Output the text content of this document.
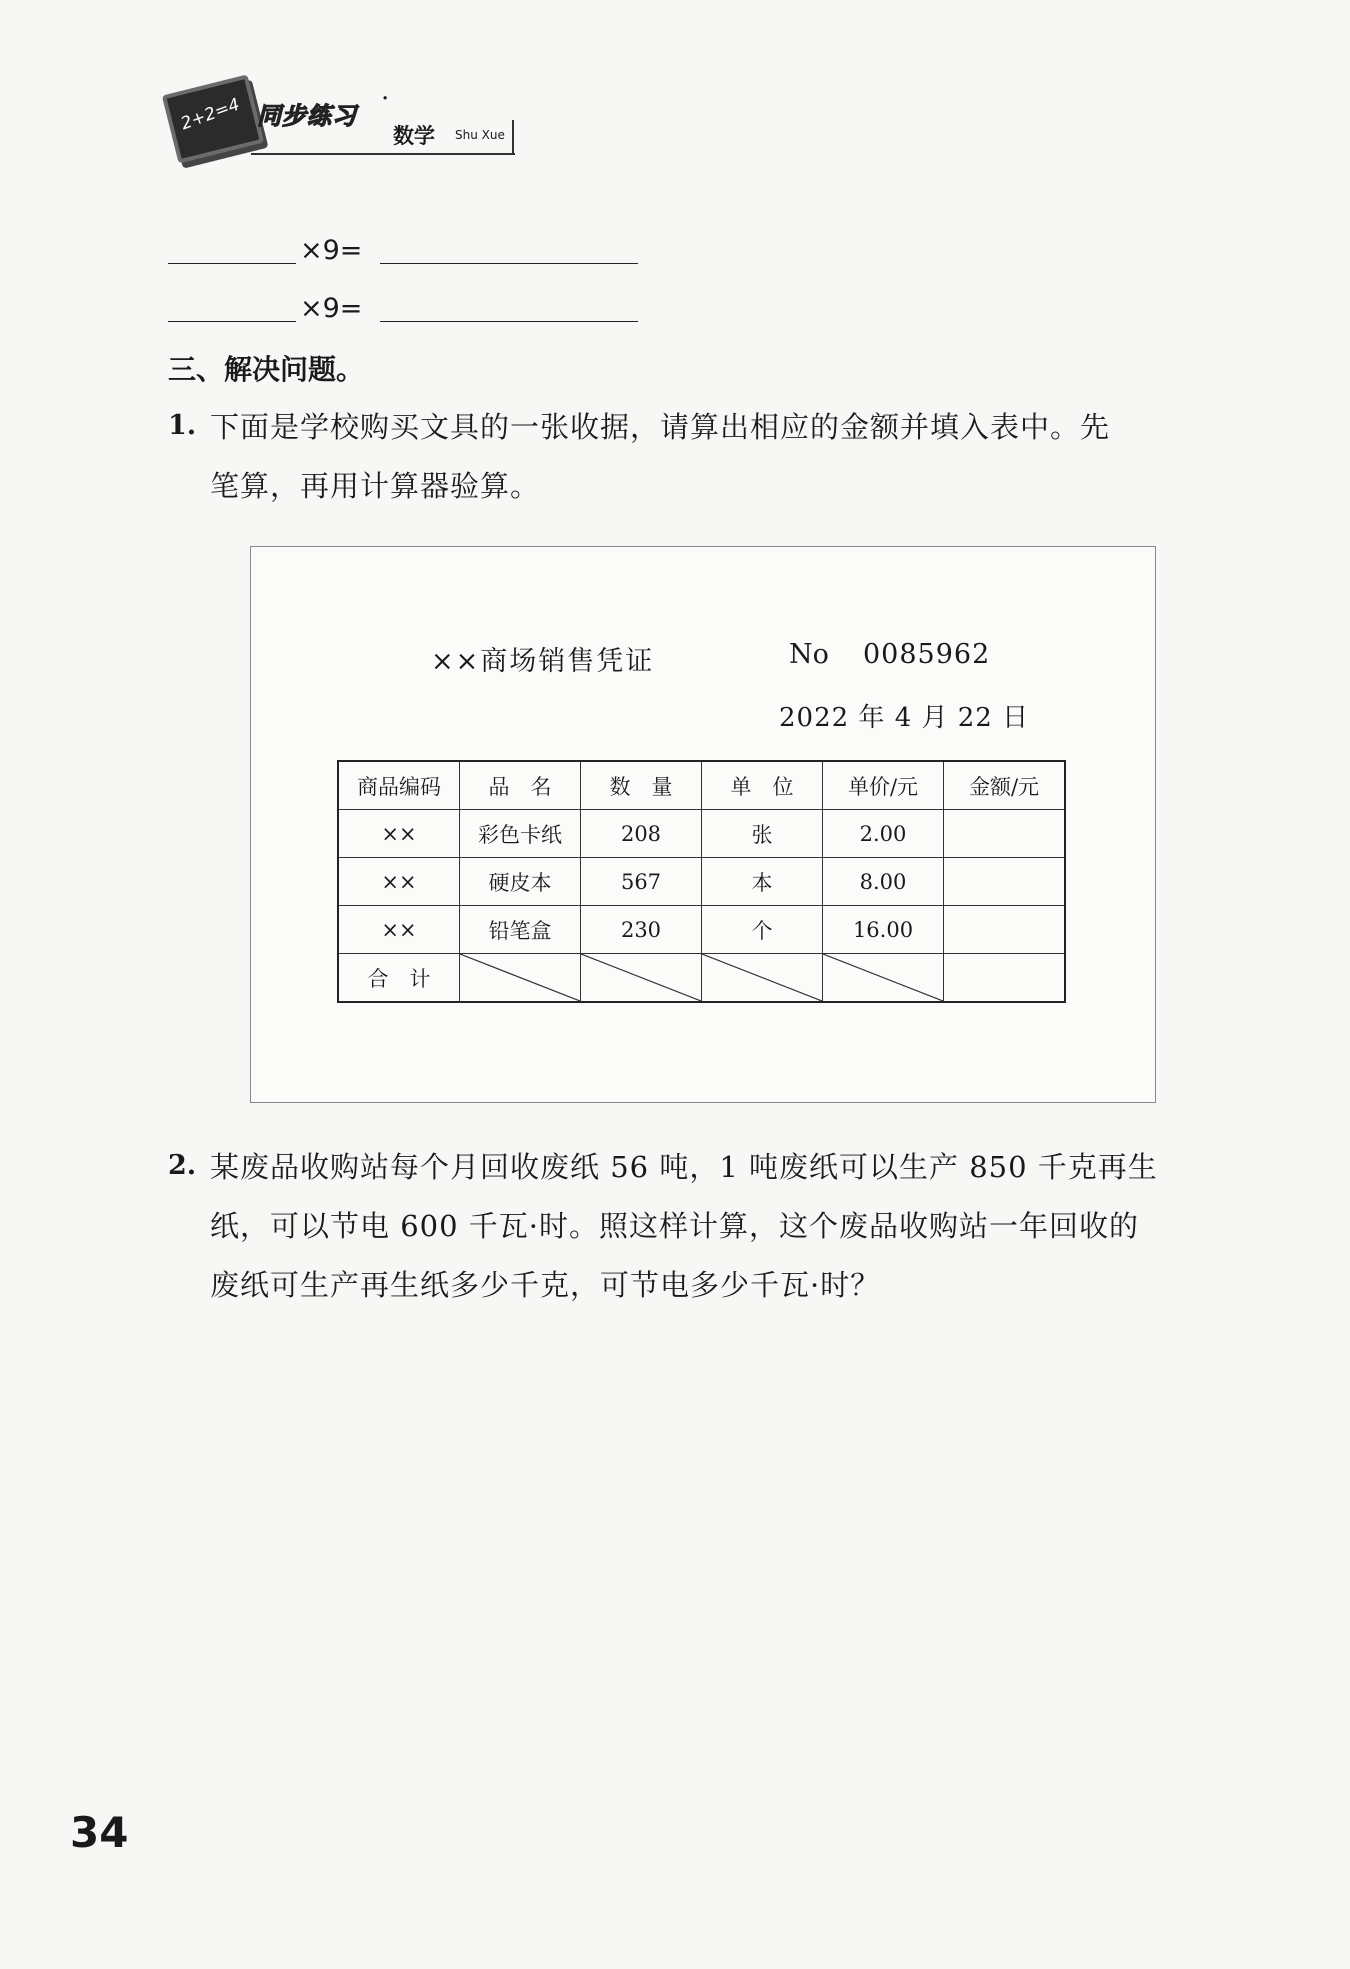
2+2=4 同步练习
·
数学 Shu Xue
×9=
×9=
三、解决问题。
1. 下面是学校购买文具的一张收据，请算出相应的金额并填入表中。先
笔算，再用计算器验算。
××商场销售凭证	No 0085962
2022 年 4 月 22 日
商品编码	品　名	数　量	单　位	单价/元	金额/元
××	彩色卡纸	208	张	2.00	
××	硬皮本	567	本	8.00	
××	铅笔盒	230	个	16.00	
合　计	

2. 某废品收购站每个月回收废纸 56 吨，1 吨废纸可以生产 850 千克再生
纸，可以节电 600 千瓦·时。照这样计算，这个废品收购站一年回收的
废纸可生产再生纸多少千克，可节电多少千瓦·时？
34
